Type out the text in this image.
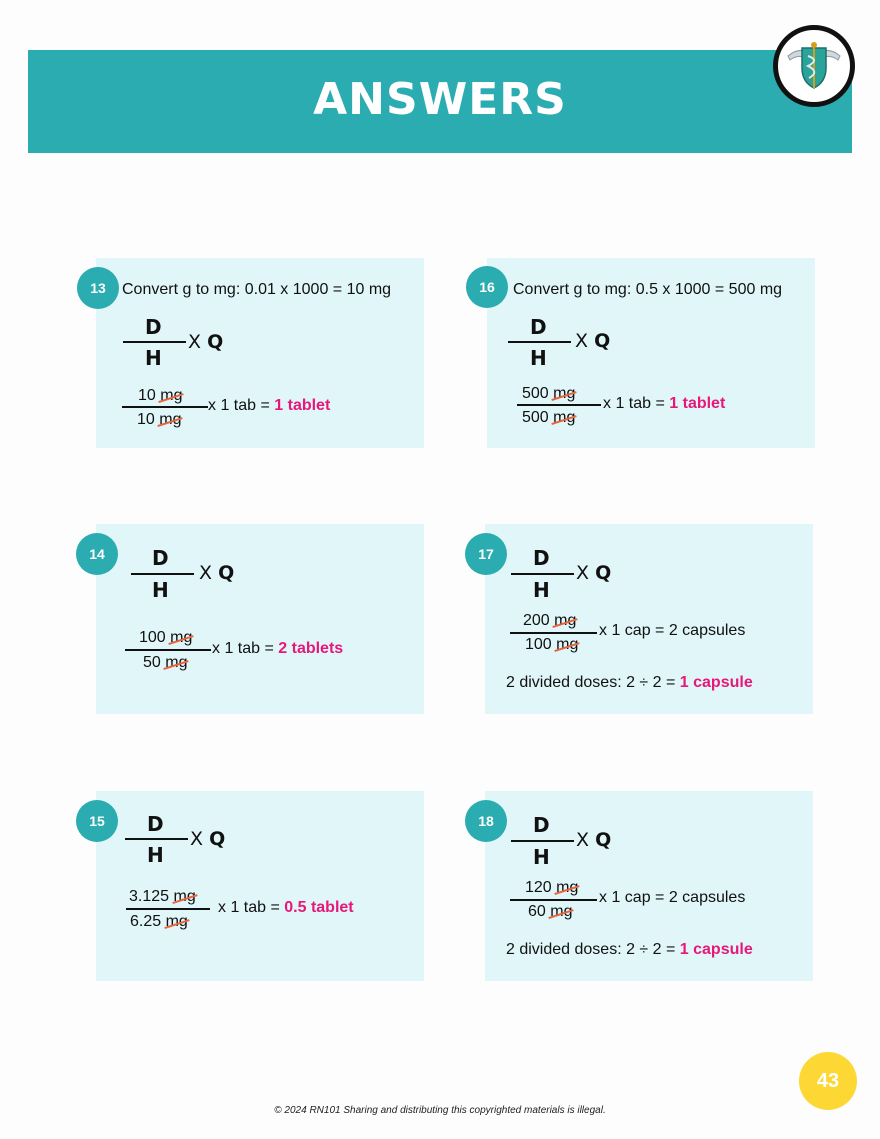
ANSWERS
13	Convert g to mg: 0.01 x 1000 = 10 mg
D
H
X Q
10 mg
10 mg
x 1 tab = 1 tablet
16	Convert g to mg: 0.5 x 1000 = 500 mg
D
H
X Q
500 mg
500 mg
x 1 tab = 1 tablet
14	D
H
X Q
100 mg
50 mg
x 1 tab = 2 tablets
17	D
H
X Q
200 mg
100 mg
x 1 cap = 2 capsules
2 divided doses: 2 ÷ 2 = 1 capsule
15	D
H
X Q
3.125 mg
6.25 mg
x 1 tab = 0.5 tablet
18	D
H
X Q
120 mg
60 mg
x 1 cap = 2 capsules
2 divided doses: 2 ÷ 2 = 1 capsule
© 2024 RN101 Sharing and distributing this copyrighted materials is illegal.
43
